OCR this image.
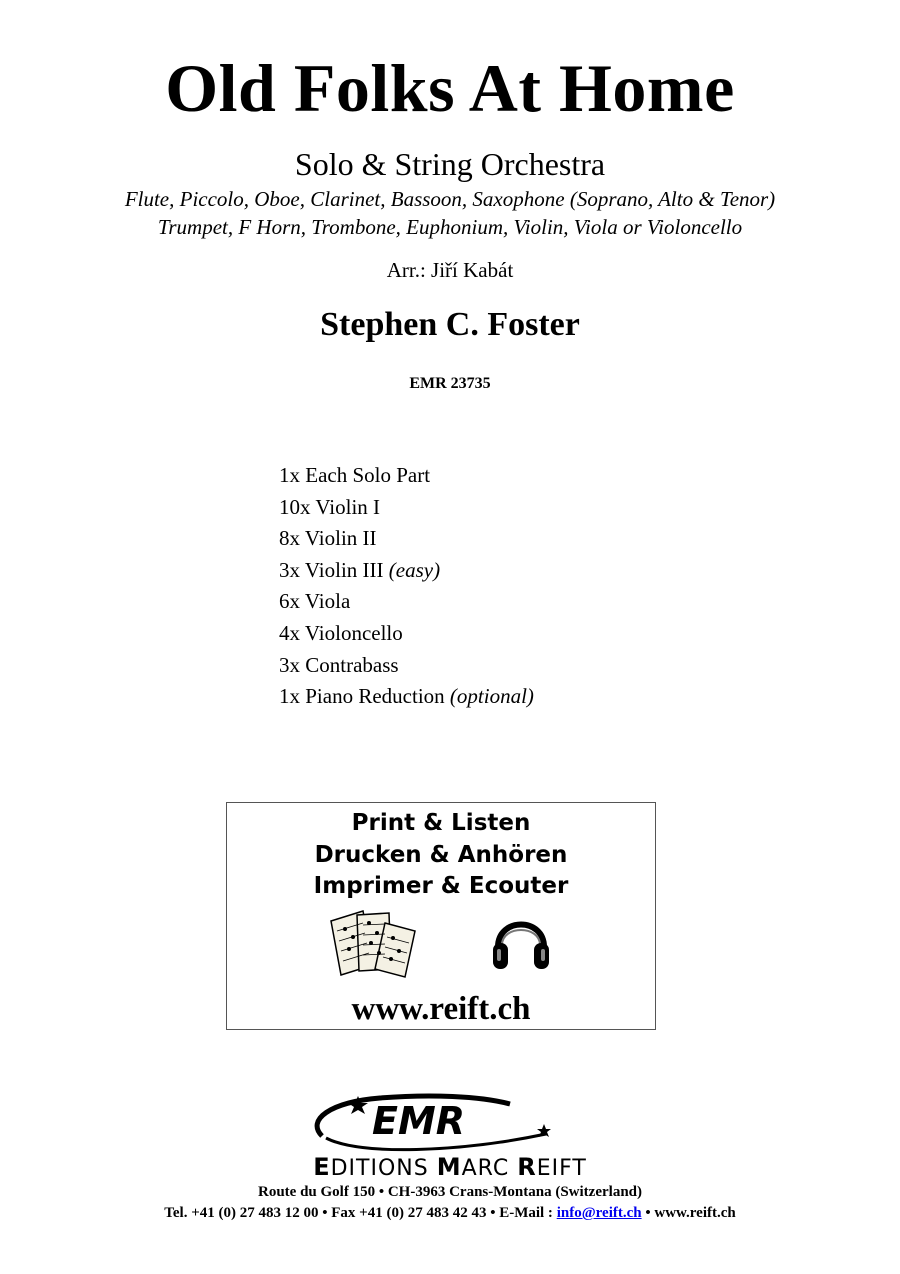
Old Folks At Home
Solo & String Orchestra
Flute, Piccolo, Oboe, Clarinet, Bassoon, Saxophone (Soprano, Alto & Tenor)
Trumpet, F Horn, Trombone, Euphonium, Violin, Viola or Violoncello
Arr.: Jiří Kabát
Stephen C. Foster
EMR 23735
1x Each Solo Part
10x Violin I
8x Violin II
3x Violin III (easy)
6x Viola
4x Violoncello
3x Contrabass
1x Piano Reduction (optional)
Print & Listen
Drucken & Anhören
Imprimer & Ecouter
www.reift.ch
EMR
EDITIONS MARC REIFT
Route du Golf 150 • CH-3963 Crans-Montana (Switzerland)
Tel. +41 (0) 27 483 12 00 • Fax +41 (0) 27 483 42 43 • E-Mail : info@reift.ch • www.reift.ch
